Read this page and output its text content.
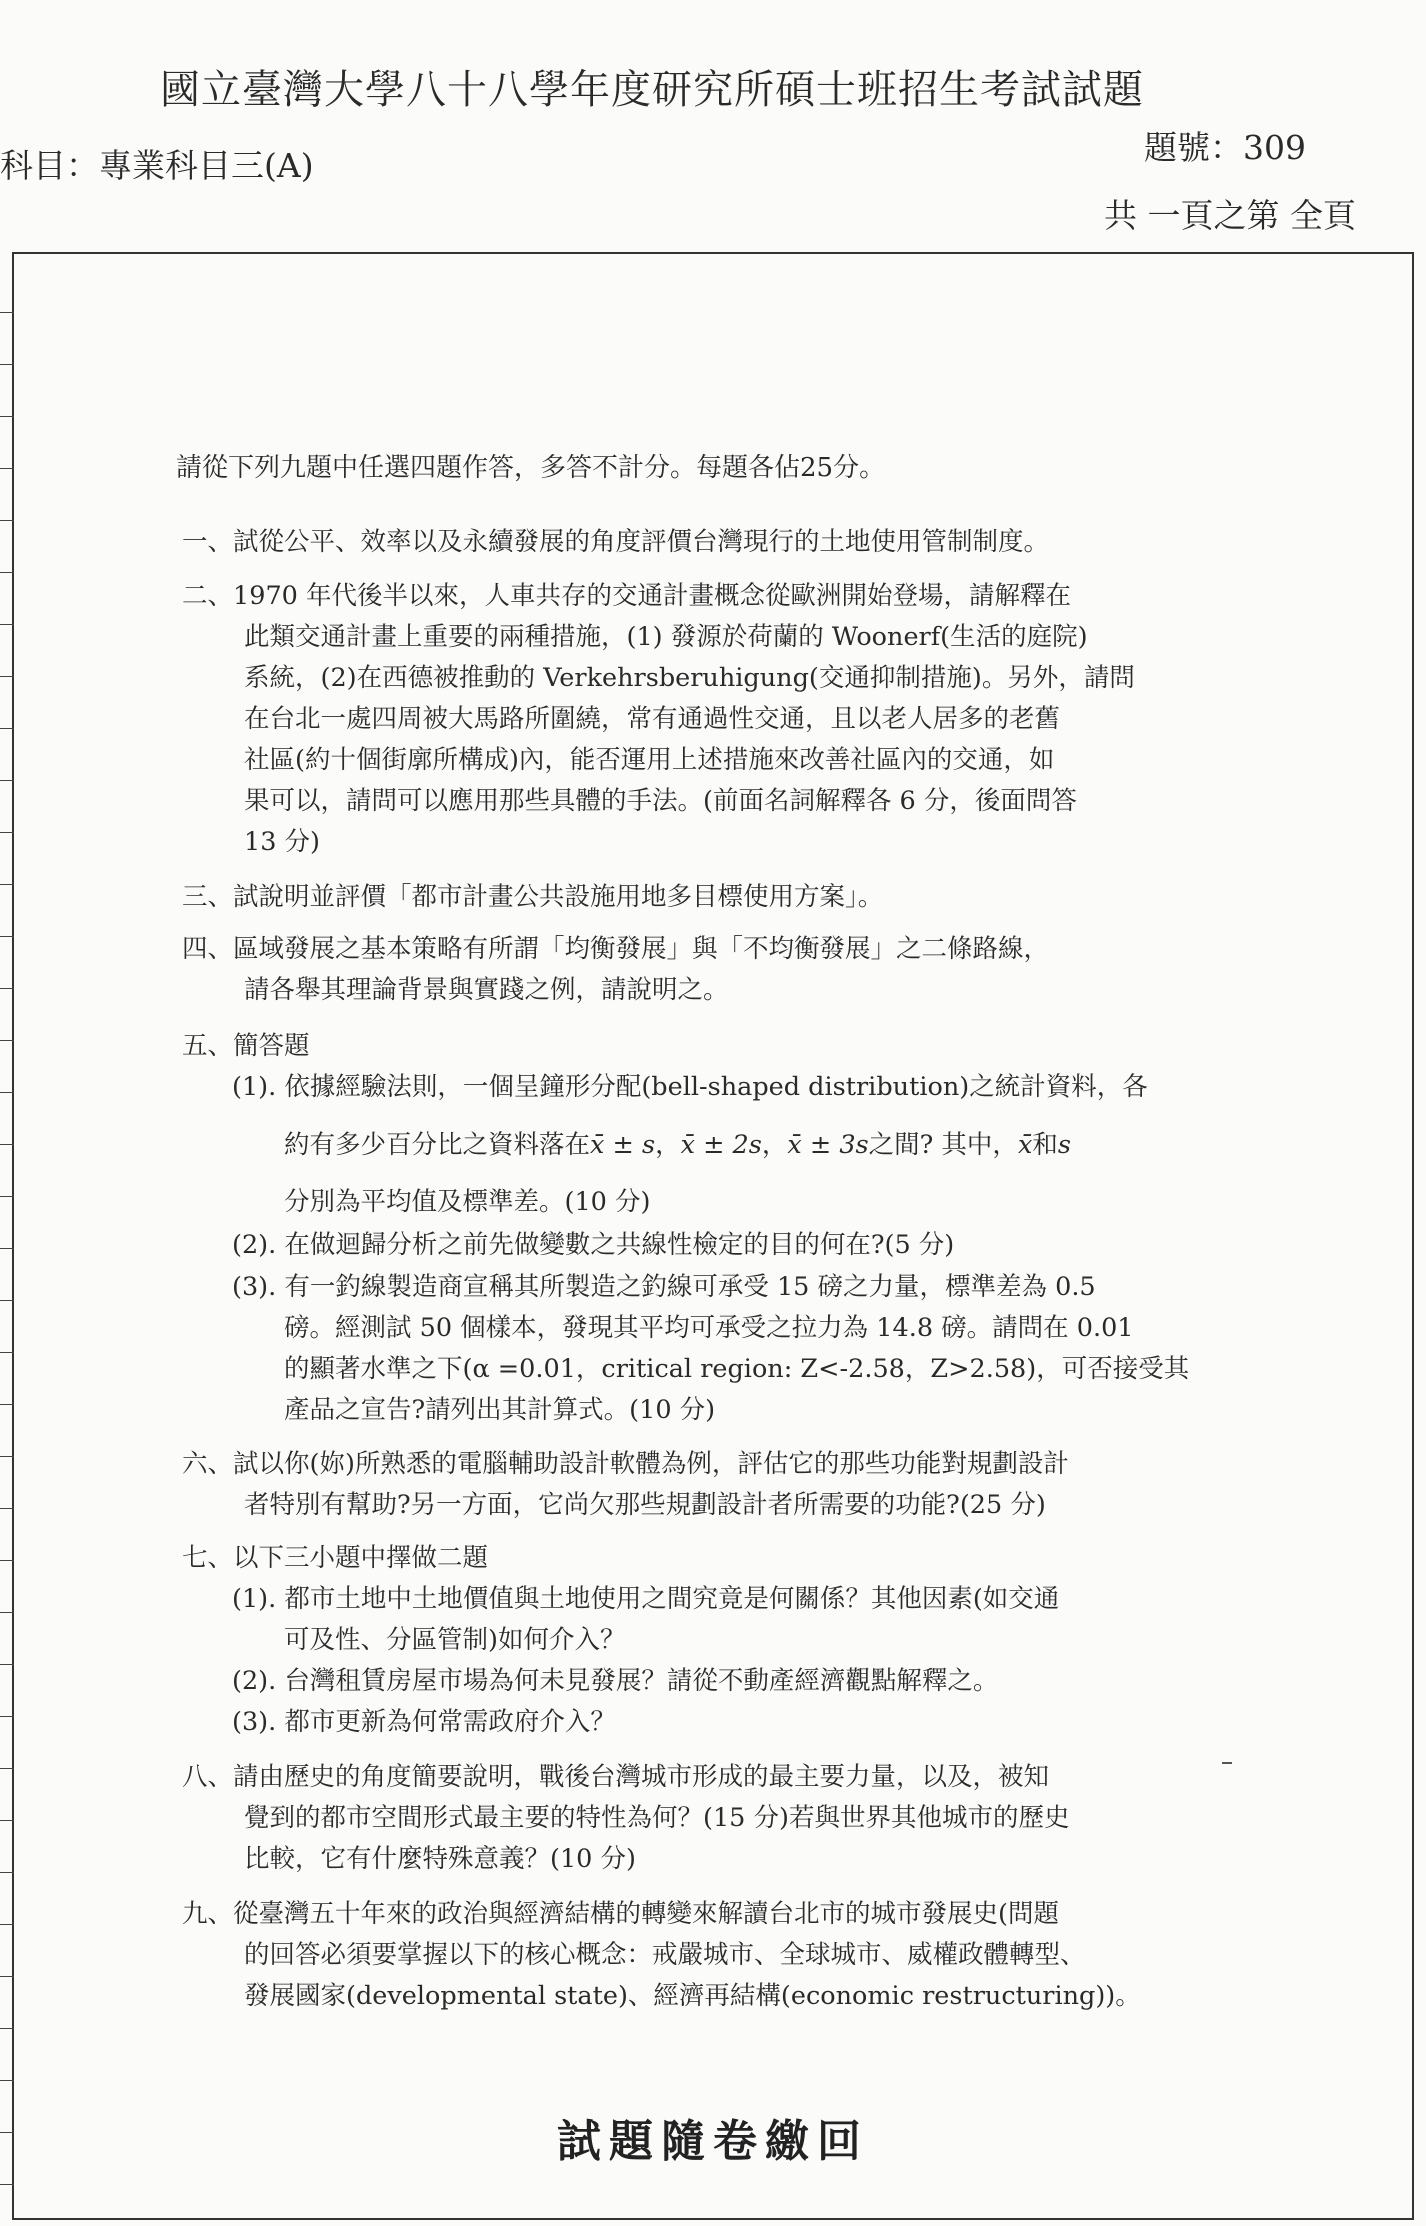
國立臺灣大學八十八學年度研究所碩士班招生考試試題
科目：專業科目三(A)	題號：309
共 一頁之第 全頁
請從下列九題中任選四題作答，多答不計分。每題各佔25分。
一、試從公平、效率以及永續發展的角度評價台灣現行的土地使用管制制度。
二、1970 年代後半以來，人車共存的交通計畫概念從歐洲開始登場，請解釋在
此類交通計畫上重要的兩種措施，(1) 發源於荷蘭的 Woonerf(生活的庭院)
系統，(2)在西德被推動的 Verkehrsberuhigung(交通抑制措施)。另外，請問
在台北一處四周被大馬路所圍繞，常有通過性交通，且以老人居多的老舊
社區(約十個街廓所構成)內，能否運用上述措施來改善社區內的交通，如
果可以，請問可以應用那些具體的手法。(前面名詞解釋各 6 分，後面問答
13 分)
三、試說明並評價「都市計畫公共設施用地多目標使用方案」。
四、區域發展之基本策略有所謂「均衡發展」與「不均衡發展」之二條路線，
請各舉其理論背景與實踐之例，請說明之。
五、簡答題
(1). 依據經驗法則，一個呈鐘形分配(bell-shaped distribution)之統計資料，各
約有多少百分比之資料落在x̄ ± s，x̄ ± 2s，x̄ ± 3s之間? 其中，x̄和s
分別為平均值及標準差。(10 分)
(2). 在做迴歸分析之前先做變數之共線性檢定的目的何在?(5 分)
(3). 有一釣線製造商宣稱其所製造之釣線可承受 15 磅之力量，標準差為 0.5
磅。經測試 50 個樣本，發現其平均可承受之拉力為 14.8 磅。請問在 0.01
的顯著水準之下(α =0.01，critical region: Z<-2.58，Z>2.58)，可否接受其
產品之宣告?請列出其計算式。(10 分)
六、試以你(妳)所熟悉的電腦輔助設計軟體為例，評估它的那些功能對規劃設計
者特別有幫助?另一方面，它尚欠那些規劃設計者所需要的功能?(25 分)
七、以下三小題中擇做二題
(1). 都市土地中土地價值與土地使用之間究竟是何關係？其他因素(如交通
可及性、分區管制)如何介入？
(2). 台灣租賃房屋市場為何未見發展？請從不動產經濟觀點解釋之。
(3). 都市更新為何常需政府介入？
八、請由歷史的角度簡要說明，戰後台灣城市形成的最主要力量，以及，被知
覺到的都市空間形式最主要的特性為何？(15 分)若與世界其他城市的歷史
比較，它有什麼特殊意義？(10 分)
九、從臺灣五十年來的政治與經濟結構的轉變來解讀台北市的城市發展史(問題
的回答必須要掌握以下的核心概念：戒嚴城市、全球城市、威權政體轉型、
發展國家(developmental state)、經濟再結構(economic restructuring))。
試題隨卷繳回
